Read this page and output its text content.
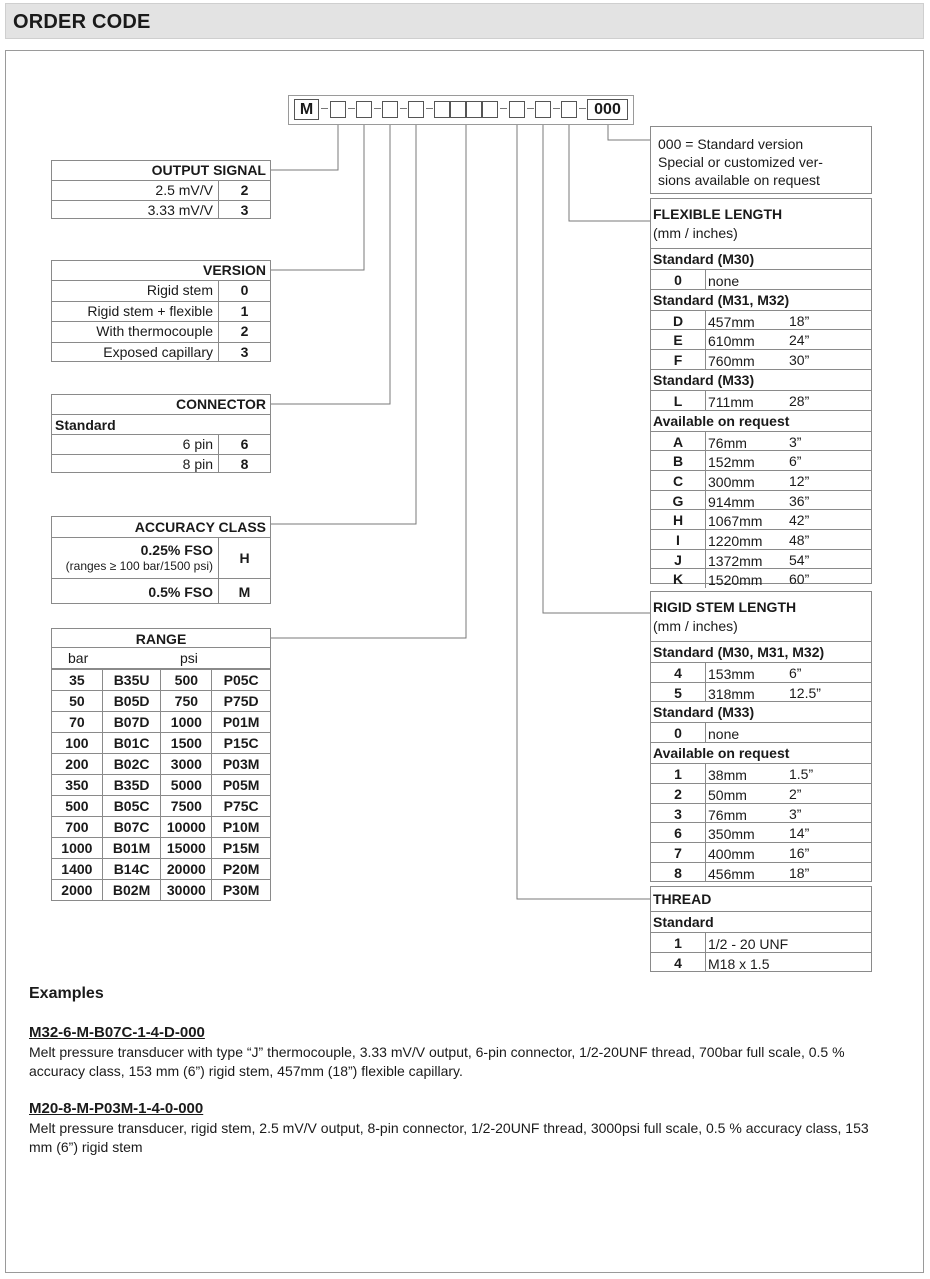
ORDER CODE
M	000
000 = Standard version
Special or customized ver-
sions available on request
OUTPUT SIGNAL
2.5 mV/V	2
3.33 mV/V	3
VERSION
Rigid stem	0
Rigid stem + flexible	1
With thermocouple	2
Exposed capillary	3
CONNECTOR
Standard
6 pin	6
8 pin	8
ACCURACY CLASS
0.25% FSO
(ranges ≥ 100 bar/1500 psi)	H
0.5% FSO	M
RANGE
bar	psi
35	B35U	500	P05C
50	B05D	750	P75D
70	B07D	1000	P01M
100	B01C	1500	P15C
200	B02C	3000	P03M
350	B35D	5000	P05M
500	B05C	7500	P75C
700	B07C	10000	P10M
1000	B01M	15000	P15M
1400	B14C	20000	P20M
2000	B02M	30000	P30M
FLEXIBLE LENGTH
(mm / inches)
Standard (M30)
0	none
Standard (M31, M32)
D	457mm 18”
E	610mm 24”
F	760mm 30”
Standard (M33)
L	711mm	28”
Available on request
A	76mm	3”
B	152mm 6”
C	300mm 12”
G	914mm 36”
H	1067mm 42”
I	1220mm 48”
J	1372mm 54”
K	1520mm 60”
RIGID STEM LENGTH
(mm / inches)
Standard (M30, M31, M32)
4	153mm 6”
5	318mm 12.5”
Standard (M33)
0	none
Available on request
1	38mm	1.5”
2	50mm	2”
3	76mm	3”
6	350mm 14”
7	400mm 16”
8	456mm 18”
THREAD
Standard
1	1/2 - 20 UNF
4	M18 x 1.5
Examples
M32-6-M-B07C-1-4-D-000
Melt pressure transducer with type “J” thermocouple, 3.33 mV/V output, 6-pin connector, 1/2-20UNF thread, 700bar full scale, 0.5 % accuracy class, 153 mm (6”) rigid stem, 457mm (18”) flexible capillary.
M20-8-M-P03M-1-4-0-000
Melt pressure transducer, rigid stem, 2.5 mV/V output, 8-pin connector, 1/2-20UNF thread, 3000psi full scale, 0.5 % accuracy class, 153 mm (6”) rigid stem
